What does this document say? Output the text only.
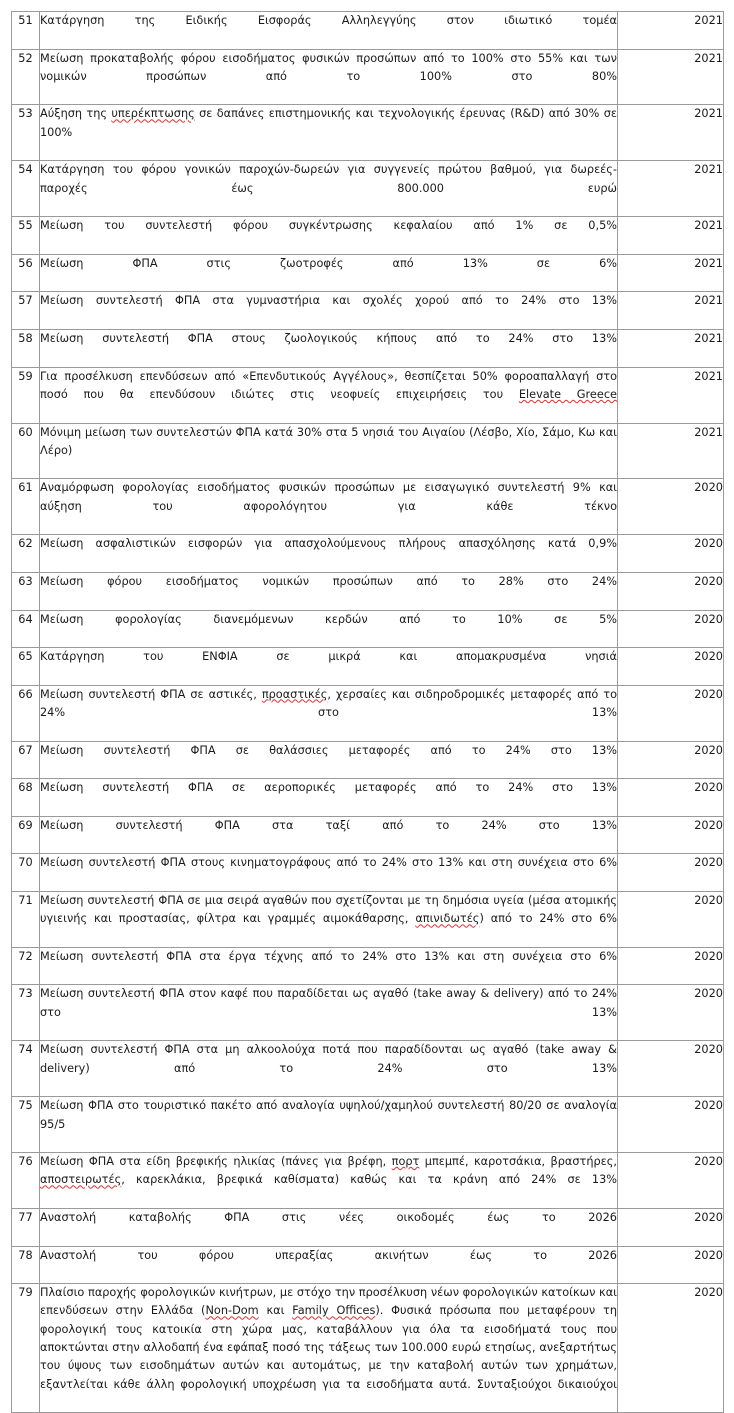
51	Κατάργηση της Ειδικής Εισφοράς Αλληλεγγύης στον ιδιωτικό τομέα	2021
52	Μείωση προκαταβολής φόρου εισοδήματος φυσικών προσώπων από το 100% στο 55% και των νομικών προσώπων από το 100% στο 80%	2021
53	Αύξηση της υπερέκπτωσης σε δαπάνες επιστημονικής και τεχνολογικής έρευνας (R&D) από 30% σε 100%	2021
54	Κατάργηση του φόρου γονικών παροχών-δωρεών για συγγενείς πρώτου βαθμού, για δωρεές-παροχές έως 800.000 ευρώ	2021
55	Μείωση του συντελεστή φόρου συγκέντρωσης κεφαλαίου από 1% σε 0,5%	2021
56	Μείωση ΦΠΑ στις ζωοτροφές από 13% σε 6%	2021
57	Μείωση συντελεστή ΦΠΑ στα γυμναστήρια και σχολές χορού από το 24% στο 13%	2021
58	Μείωση συντελεστή ΦΠΑ στους ζωολογικούς κήπους από το 24% στο 13%	2021
59	Για προσέλκυση επενδύσεων από «Επενδυτικούς Αγγέλους», θεσπίζεται 50% φοροαπαλλαγή στο ποσό που θα επενδύσουν ιδιώτες στις νεοφυείς επιχειρήσεις του Elevate Greece	2021
60	Μόνιμη μείωση των συντελεστών ΦΠΑ κατά 30% στα 5 νησιά του Αιγαίου (Λέσβο, Χίο, Σάμο, Κω και Λέρο)	2021
61	Αναμόρφωση φορολογίας εισοδήματος φυσικών προσώπων με εισαγωγικό συντελεστή 9% και αύξηση του αφορολόγητου για κάθε τέκνο	2020
62	Μείωση ασφαλιστικών εισφορών για απασχολούμενους πλήρους απασχόλησης κατά 0,9%	2020
63	Μείωση φόρου εισοδήματος νομικών προσώπων από το 28% στο 24%	2020
64	Μείωση φορολογίας διανεμόμενων κερδών από το 10% σε 5%	2020
65	Κατάργηση του ΕΝΦΙΑ σε μικρά και απομακρυσμένα νησιά	2020
66	Μείωση συντελεστή ΦΠΑ σε αστικές, προαστικές, χερσαίες και σιδηροδρομικές μεταφορές από το 24% στο 13%	2020
67	Μείωση συντελεστή ΦΠΑ σε θαλάσσιες μεταφορές από το 24% στο 13%	2020
68	Μείωση συντελεστή ΦΠΑ σε αεροπορικές μεταφορές από το 24% στο 13%	2020
69	Μείωση συντελεστή ΦΠΑ στα ταξί από το 24% στο 13%	2020
70	Μείωση συντελεστή ΦΠΑ στους κινηματογράφους από το 24% στο 13% και στη συνέχεια στο 6%	2020
71	Μείωση συντελεστή ΦΠΑ σε μια σειρά αγαθών που σχετίζονται με τη δημόσια υγεία (μέσα ατομικής υγιεινής και προστασίας, φίλτρα και γραμμές αιμοκάθαρσης, απινιδωτές) από το 24% στο 6%	2020
72	Μείωση συντελεστή ΦΠΑ στα έργα τέχνης από το 24% στο 13% και στη συνέχεια στο 6%	2020
73	Μείωση συντελεστή ΦΠΑ στον καφέ που παραδίδεται ως αγαθό (take away & delivery) από το 24% στο 13%	2020
74	Μείωση συντελεστή ΦΠΑ στα μη αλκοολούχα ποτά που παραδίδονται ως αγαθό (take away & delivery) από το 24% στο 13%	2020
75	Μείωση ΦΠΑ στο τουριστικό πακέτο από αναλογία υψηλού/χαμηλού συντελεστή 80/20 σε αναλογία 95/5	2020
76	Μείωση ΦΠΑ στα είδη βρεφικής ηλικίας (πάνες για βρέφη, πορτ μπεμπέ, καροτσάκια, βραστήρες, αποστειρωτές, καρεκλάκια, βρεφικά καθίσματα) καθώς και τα κράνη από 24% σε 13%	2020
77	Αναστολή καταβολής ΦΠΑ στις νέες οικοδομές έως το 2026	2020
78	Αναστολή του φόρου υπεραξίας ακινήτων έως το 2026	2020
79	Πλαίσιο παροχής φορολογικών κινήτρων, με στόχο την προσέλκυση νέων φορολογικών κατοίκων και επενδύσεων στην Ελλάδα (Non-Dom και Family Offices). Φυσικά πρόσωπα που μεταφέρουν τη φορολογική τους κατοικία στη χώρα μας, καταβάλλουν για όλα τα εισοδήματά τους που αποκτώνται στην αλλοδαπή ένα εφάπαξ ποσό της τάξεως των 100.000 ευρώ ετησίως, ανεξαρτήτως του ύψους των εισοδημάτων αυτών και αυτομάτως, με την καταβολή αυτών των χρημάτων, εξαντλείται κάθε άλλη φορολογική υποχρέωση για τα εισοδήματα αυτά. Συνταξιούχοι δικαιούχοι	2020
